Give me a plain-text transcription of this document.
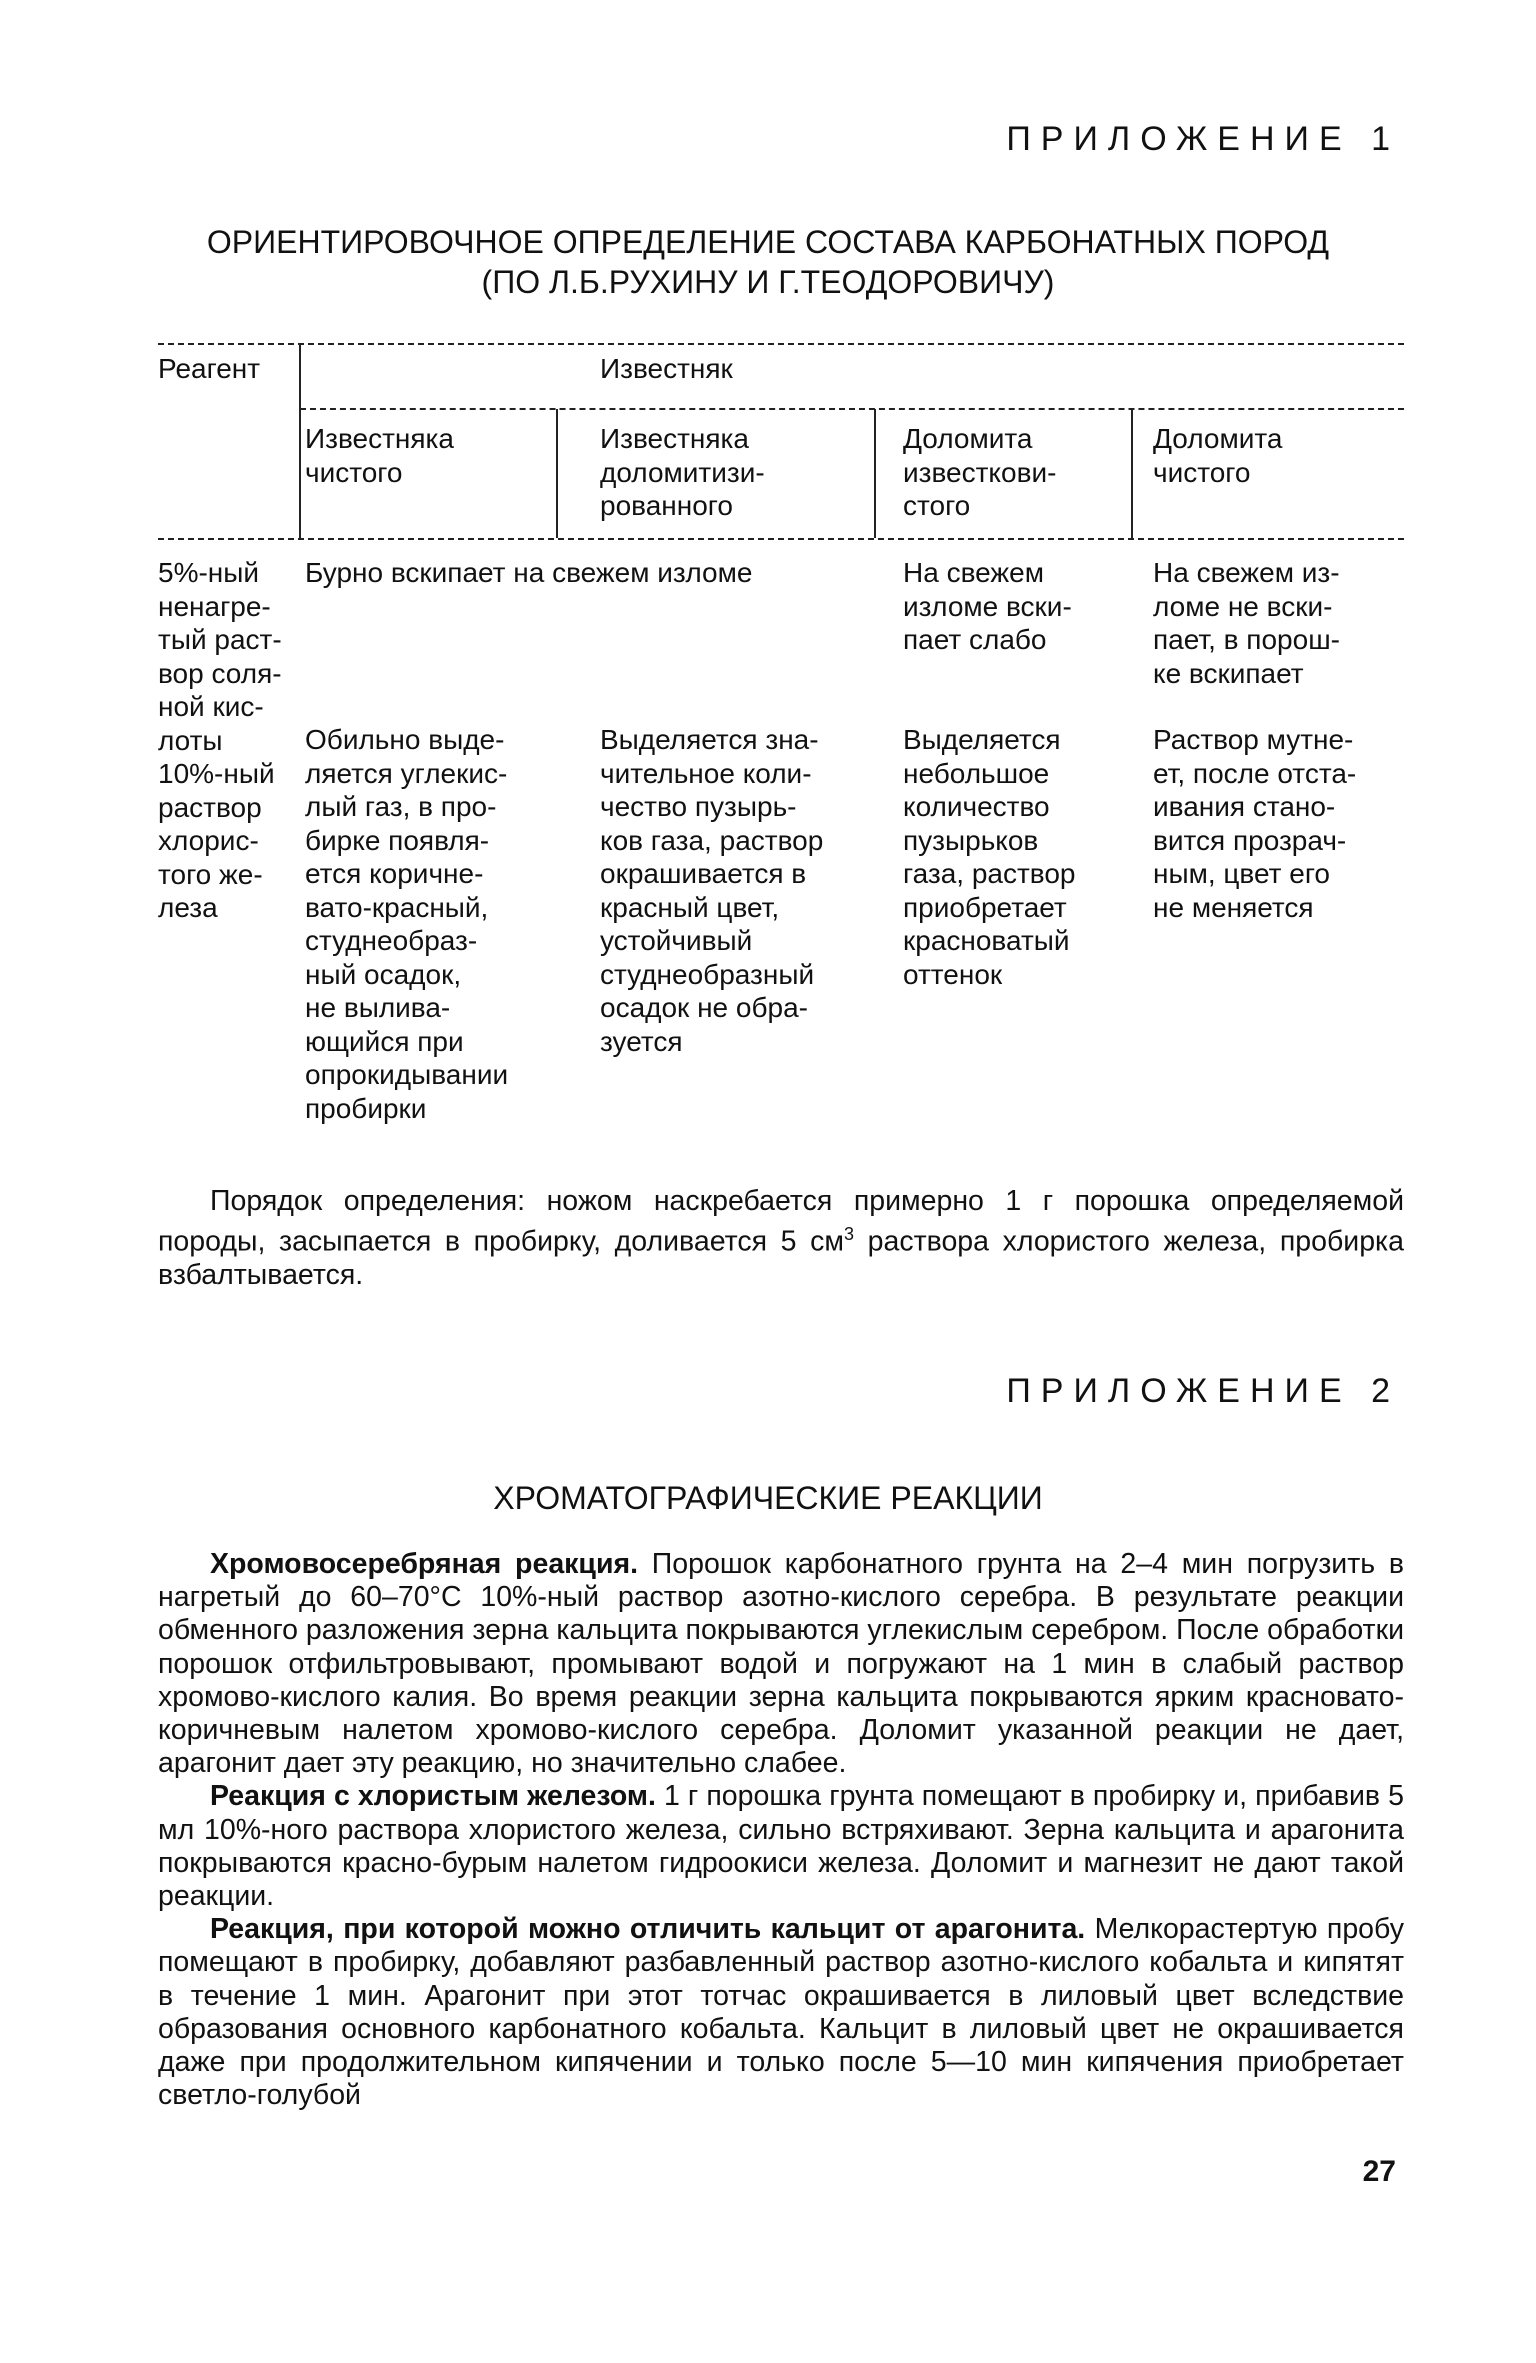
ПРИЛОЖЕНИЕ 1
ОРИЕНТИРОВОЧНОЕ ОПРЕДЕЛЕНИЕ СОСТАВА КАРБОНАТНЫХ ПОРОД
(ПО Л.Б.РУХИНУ И Г.ТЕОДОРОВИЧУ)
Реагент	Известняк
Известняка
чистого
Известняка
доломитизи-
рованного
Доломита
известкови-
стого
Доломита
чистого
5%-ный
ненагре-
тый раст-
вор соля-
ной кис-
лоты
10%-ный
раствор
хлорис-
того же-
леза
Бурно вскипает на свежем изломе	На свежем
изломе вски-
пает слабо
На свежем из-
ломе не вски-
пает, в порош-
ке вскипает
Обильно выде-
ляется углекис-
лый газ, в про-
бирке появля-
ется коричне-
вато-красный,
студнеобраз-
ный осадок,
не вылива-
ющийся при
опрокидывании
пробирки
Выделяется зна-
чительное коли-
чество пузырь-
ков газа, раствор
окрашивается в
красный цвет,
устойчивый
студнеобразный
осадок не обра-
зуется
Выделяется
небольшое
количество
пузырьков
газа, раствор
приобретает
красноватый
оттенок
Раствор мутне-
ет, после отста-
ивания стано-
вится прозрач-
ным, цвет его
не меняется

Порядок определения: ножом наскребается примерно 1 г порошка определяемой породы, засыпается в пробирку, доливается 5 $см^3$ раствора хлористого железа, пробирка взбалтывается.

ПРИЛОЖЕНИЕ 2
ХРОМАТОГРАФИЧЕСКИЕ РЕАКЦИИ

Хромовосеребряная реакция. Порошок карбонатного грунта на 2–4 мин погрузить в нагретый до 60–70°С 10%-ный раствор азотно-кислого серебра. В результате реакции обменного разложения зерна кальцита покрываются углекислым серебром. После обработки порошок отфильтровывают, промывают водой и погружают на 1 мин в слабый раствор хромово-кислого калия. Во время реакции зерна кальцита покрываются ярким красновато-коричневым налетом хромово-кислого серебра. Доломит указанной реакции не дает, арагонит дает эту реакцию, но значительно слабее.

Реакция с хлористым железом. 1 г порошка грунта помещают в пробирку и, прибавив 5 мл 10%-ного раствора хлористого железа, сильно встряхивают. Зерна кальцита и арагонита покрываются красно-бурым налетом гидроокиси железа. Доломит и магнезит не дают такой реакции.

Реакция, при которой можно отличить кальцит от арагонита. Мелкорастертую пробу помещают в пробирку, добавляют разбавленный раствор азотно-кислого кобальта и кипятят в течение 1 мин. Арагонит при этот тотчас окрашивается в лиловый цвет вследствие образования основного карбонатного кобальта. Кальцит в лиловый цвет не окрашивается даже при продолжительном кипячении и только после 5—10 мин кипячения приобретает светло-голубой

27
